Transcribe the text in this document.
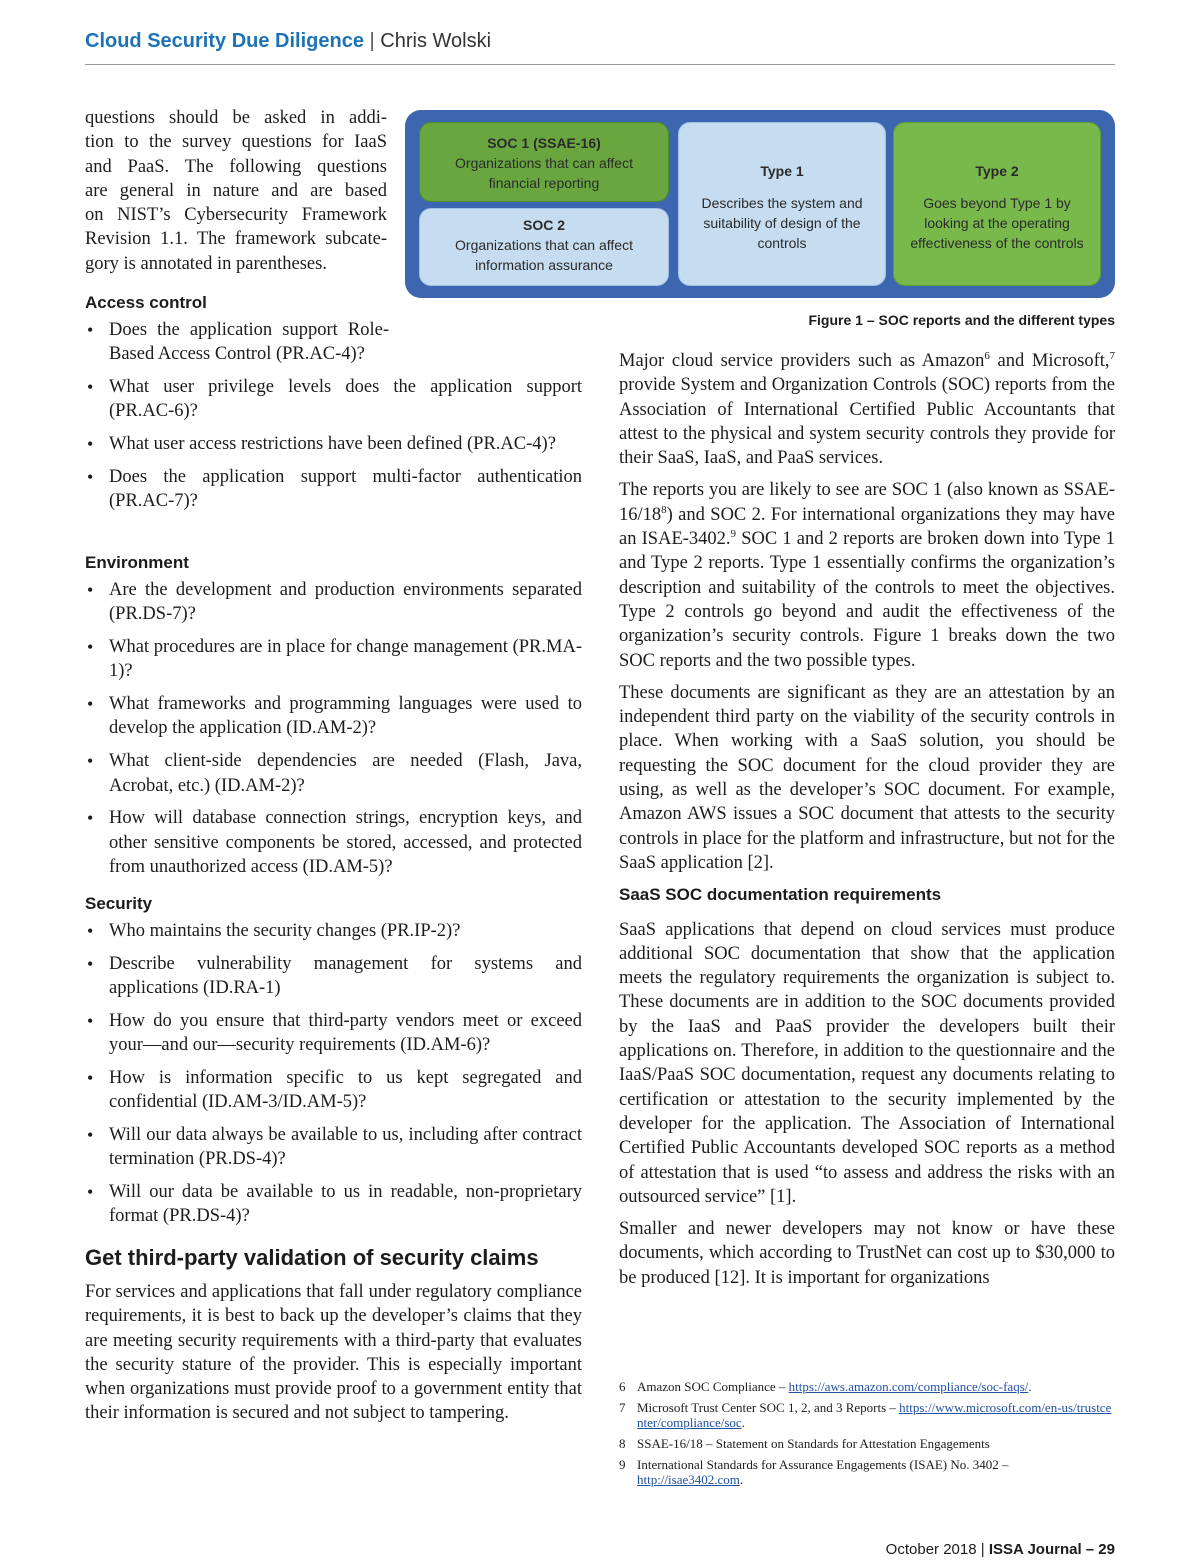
Cloud Security Due Diligence | Chris Wolski
questions should be asked in addi-
tion to the survey questions for IaaS
and PaaS. The following questions
are general in nature and are based
on NIST’s Cybersecurity Framework
Revision 1.1. The framework subcate-
gory is annotated in parentheses.
SOC 1 (SSAE-16)
Organizations that can affect financial reporting
SOC 2
Organizations that can affect information assurance
Type 1
Describes the system and suitability of design of the controls
Type 2
Goes beyond Type 1 by looking at the operating effectiveness of the controls
Figure 1 – SOC reports and the different types
Access control
• Does the application support Role-Based Access Control (PR.AC-4)?
• What user privilege levels does the application support (PR.AC-6)?
• What user access restrictions have been defined (PR.AC-4)?
• Does the application support multi-factor authentication (PR.AC-7)?
Environment
• Are the development and production environments separated (PR.DS-7)?
• What procedures are in place for change management (PR.MA-1)?
• What frameworks and programming languages were used to develop the application (ID.AM-2)?
• What client-side dependencies are needed (Flash, Java, Acrobat, etc.) (ID.AM-2)?
• How will database connection strings, encryption keys, and other sensitive components be stored, accessed, and protected from unauthorized access (ID.AM-5)?
Security
• Who maintains the security changes (PR.IP-2)?
• Describe vulnerability management for systems and applications (ID.RA-1)
• How do you ensure that third-party vendors meet or exceed your—and our—security requirements (ID.AM-6)?
• How is information specific to us kept segregated and confidential (ID.AM-3/ID.AM-5)?
• Will our data always be available to us, including after contract termination (PR.DS-4)?
• Will our data be available to us in readable, non-proprietary format (PR.DS-4)?
Get third-party validation of security claims

For services and applications that fall under regulatory compliance requirements, it is best to back up the developer’s claims that they are meeting security requirements with a third-party that evaluates the security stature of the provider. This is especially important when organizations must provide proof to a government entity that their information is secured and not subject to tampering.

Major cloud service providers such as Amazon$^6$ and Microsoft,$^7$ provide System and Organization Controls (SOC) reports from the Association of International Certified Public Accountants that attest to the physical and system security controls they provide for their SaaS, IaaS, and PaaS services.

The reports you are likely to see are SOC 1 (also known as SSAE-$16/18^8$) and SOC 2. For international organizations they may have an ISAE-3402.$^9$ SOC 1 and 2 reports are broken down into Type 1 and Type 2 reports. Type 1 essentially confirms the organization’s description and suitability of the controls to meet the objectives. Type 2 controls go beyond and audit the effectiveness of the organization’s security controls. Figure 1 breaks down the two SOC reports and the two possible types.

These documents are significant as they are an attestation by an independent third party on the viability of the security controls in place. When working with a SaaS solution, you should be requesting the SOC document for the cloud provider they are using, as well as the developer’s SOC document. For example, Amazon AWS issues a SOC document that attests to the security controls in place for the platform and infrastructure, but not for the SaaS application [2].

SaaS SOC documentation requirements

SaaS applications that depend on cloud services must produce additional SOC documentation that show that the application meets the regulatory requirements the organization is subject to. These documents are in addition to the SOC documents provided by the IaaS and PaaS provider the developers built their applications on. Therefore, in addition to the questionnaire and the IaaS/PaaS SOC documentation, request any documents relating to certification or attestation to the security implemented by the developer for the application. The Association of International Certified Public Accountants developed SOC reports as a method of attestation that is used “to assess and address the risks with an outsourced service” [1].

Smaller and newer developers may not know or have these documents, which according to TrustNet can cost up to $30,000 to be produced [12]. It is important for organizations

6 Amazon SOC Compliance – https://aws.amazon.com/compliance/soc-faqs/.
7 Microsoft Trust Center SOC 1, 2, and 3 Reports – https://www.microsoft.com/en-us/trustcenter/compliance/soc.
8 SSAE-16/18 – Statement on Standards for Attestation Engagements
9 International Standards for Assurance Engagements (ISAE) No. 3402 – http://isae3402.com.
October 2018 | ISSA Journal – 29
